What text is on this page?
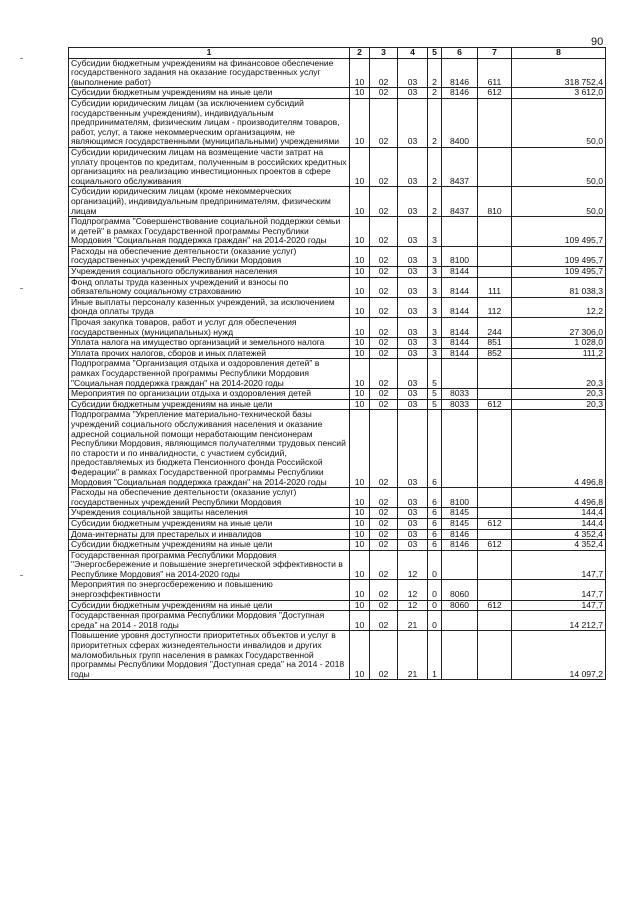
90
1	2	3	4	5	6	7	8
Субсидии бюджетным учреждениям на финансовое обеспечение государственного задания на оказание государственных услуг (выполнение работ)	10	02	03	2	8146	611	318 752,4
Субсидии бюджетным учреждениям на иные цели	10	02	03	2	8146	612	3 612,0
Субсидии юридическим лицам (за исключением субсидий государственным учреждениям), индивидуальным предпринимателям, физическим лицам - производителям товаров, работ, услуг, а также некоммерческим организациям, не являющимся государственными (муниципальными) учреждениями	10	02	03	2	8400		50,0
Субсидии юридическим лицам на возмещение части затрат на уплату процентов по кредитам, полученным в российских кредитных организациях на реализацию инвестиционных проектов в сфере социального обслуживания	10	02	03	2	8437		50,0
Субсидии юридическим лицам (кроме некоммерческих организаций), индивидуальным предпринимателям, физическим лицам	10	02	03	2	8437	810	50,0
Подпрограмма "Совершенствование социальной поддержки семьи и детей" в рамках Государственной программы Республики Мордовия "Социальная поддержка граждан" на 2014-2020 годы	10	02	03	3			109 495,7
Расходы на обеспечение деятельности (оказание услуг) государственных учреждений Республики Мордовия	10	02	03	3	8100		109 495,7
Учреждения социального обслуживания населения	10	02	03	3	8144		109 495,7
Фонд оплаты труда казенных учреждений и взносы по обязательному социальному страхованию	10	02	03	3	8144	111	81 038,3
Иные выплаты персоналу казенных учреждений, за исключением фонда оплаты труда	10	02	03	3	8144	112	12,2
Прочая закупка товаров, работ и услуг для обеспечения государственных (муниципальных) нужд	10	02	03	3	8144	244	27 306,0
Уплата налога на имущество организаций и земельного налога	10	02	03	3	8144	851	1 028,0
Уплата прочих налогов, сборов и иных платежей	10	02	03	3	8144	852	111,2
Подпрограмма "Организация отдыха и оздоровления детей" в рамках Государственной программы Республики Мордовия "Социальная поддержка граждан" на 2014-2020 годы	10	02	03	5			20,3
Мероприятия по организации отдыха и оздоровления детей	10	02	03	5	8033		20,3
Субсидии бюджетным учреждениям на иные цели	10	02	03	5	8033	612	20,3
Подпрограмма "Укрепление материально-технической базы учреждений социального обслуживания населения и оказание адресной социальной помощи неработающим пенсионерам Республики Мордовия, являющимся получателями трудовых пенсий по старости и по инвалидности, с участием субсидий, предоставляемых из бюджета Пенсионного фонда Российской Федерации" в рамках Государственной программы Республики Мордовия "Социальная поддержка граждан" на 2014-2020 годы	10	02	03	6			4 496,8
Расходы на обеспечение деятельности (оказание услуг) государственных учреждений Республики Мордовия	10	02	03	6	8100		4 496,8
Учреждения социальной защиты населения	10	02	03	6	8145		144,4
Субсидии бюджетным учреждениям на иные цели	10	02	03	6	8145	612	144,4
Дома-интернаты для престарелых и инвалидов	10	02	03	6	8146		4 352,4
Субсидии бюджетным учреждениям на иные цели	10	02	03	6	8146	612	4 352,4
Государственная программа Республики Мордовия "Энергосбережение и повышение энергетической эффективности в Республике Мордовия" на 2014-2020 годы	10	02	12	0			147,7
Мероприятия по энергосбережению и повышению энергоэффективности	10	02	12	0	8060		147,7
Субсидии бюджетным учреждениям на иные цели	10	02	12	0	8060	612	147,7
Государственная программа Республики Мордовия "Доступная среда" на 2014 - 2018 годы	10	02	21	0			14 212,7
Повышение уровня доступности приоритетных объектов и услуг в приоритетных сферах жизнедеятельности инвалидов и других маломобильных групп населения в рамках Государственной программы Республики Мордовия "Доступная среда" на 2014 - 2018 годы	10	02	21	1			14 097,2
